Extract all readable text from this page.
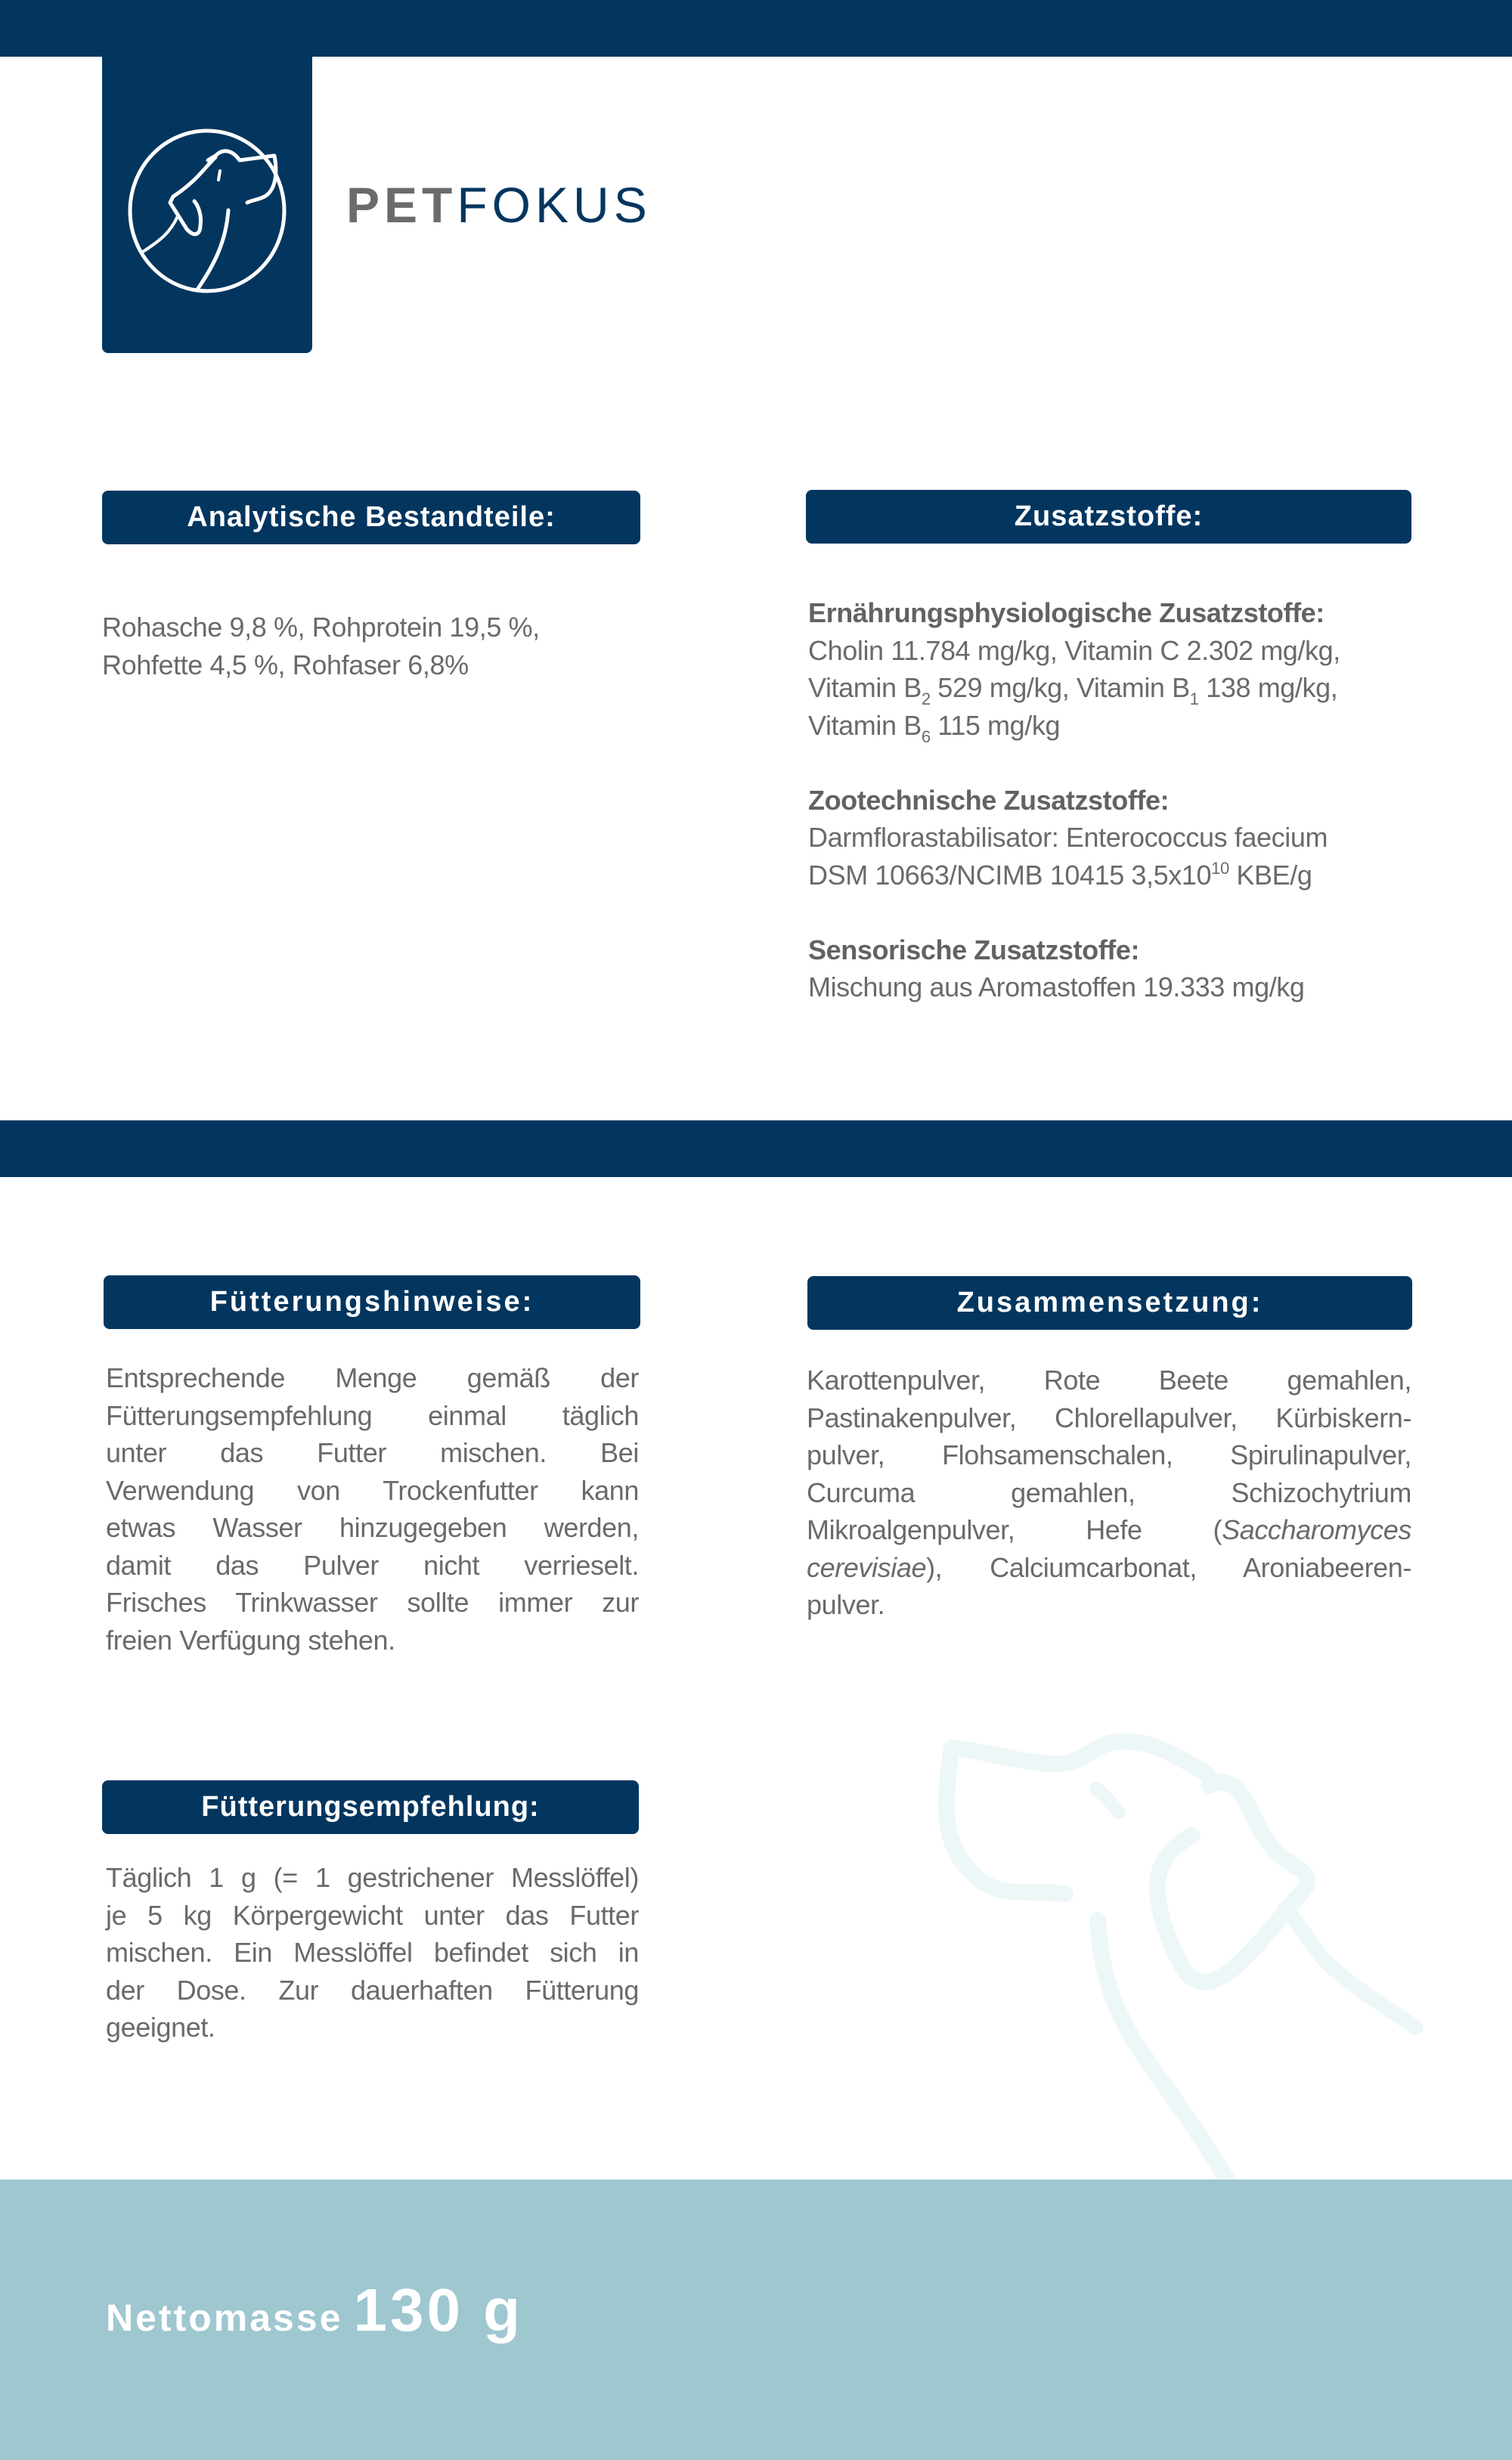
PETFOKUS
Analytische Bestandteile:
Rohasche 9,8 %, Rohprotein 19,5 %,
Rohfette 4,5 %, Rohfaser 6,8%
Zusatzstoffe:
Ernährungsphysiologische Zusatzstoffe:
Cholin 11.784 mg/kg, Vitamin C 2.302 mg/kg,
Vitamin $B_2$ 529 mg/kg, Vitamin $B_1$ 138 mg/kg,
Vitamin $B_6$ 115 mg/kg
Zootechnische Zusatzstoffe:
Darmflorastabilisator: Enterococcus faecium
DSM 10663/NCIMB 10415 $3,5x10^{10}$ KBE/g
Sensorische Zusatzstoffe:
Mischung aus Aromastoffen 19.333 mg/kg
Fütterungshinweise:
Entsprechende Menge gemäß der
Fütterungsempfehlung einmal täglich
unter das Futter mischen. Bei
Verwendung von Trockenfutter kann
etwas Wasser hinzugegeben werden,
damit das Pulver nicht verrieselt.
Frisches Trinkwasser sollte immer zur
freien Verfügung stehen.
Zusammensetzung:
Karottenpulver, Rote Beete gemahlen,
Pastinakenpulver, Chlorellapulver, Kürbiskern-
pulver, Flohsamenschalen, Spirulinapulver,
Curcuma gemahlen, Schizochytrium
Mikroalgenpulver, Hefe (Saccharomyces
cerevisiae), Calciumcarbonat, Aroniabeeren-
pulver.
Fütterungsempfehlung:
Täglich 1 g (= 1 gestrichener Messlöffel)
je 5 kg Körpergewicht unter das Futter
mischen. Ein Messlöffel befindet sich in
der Dose. Zur dauerhaften Fütterung
geeignet.
Nettomasse 130 g
